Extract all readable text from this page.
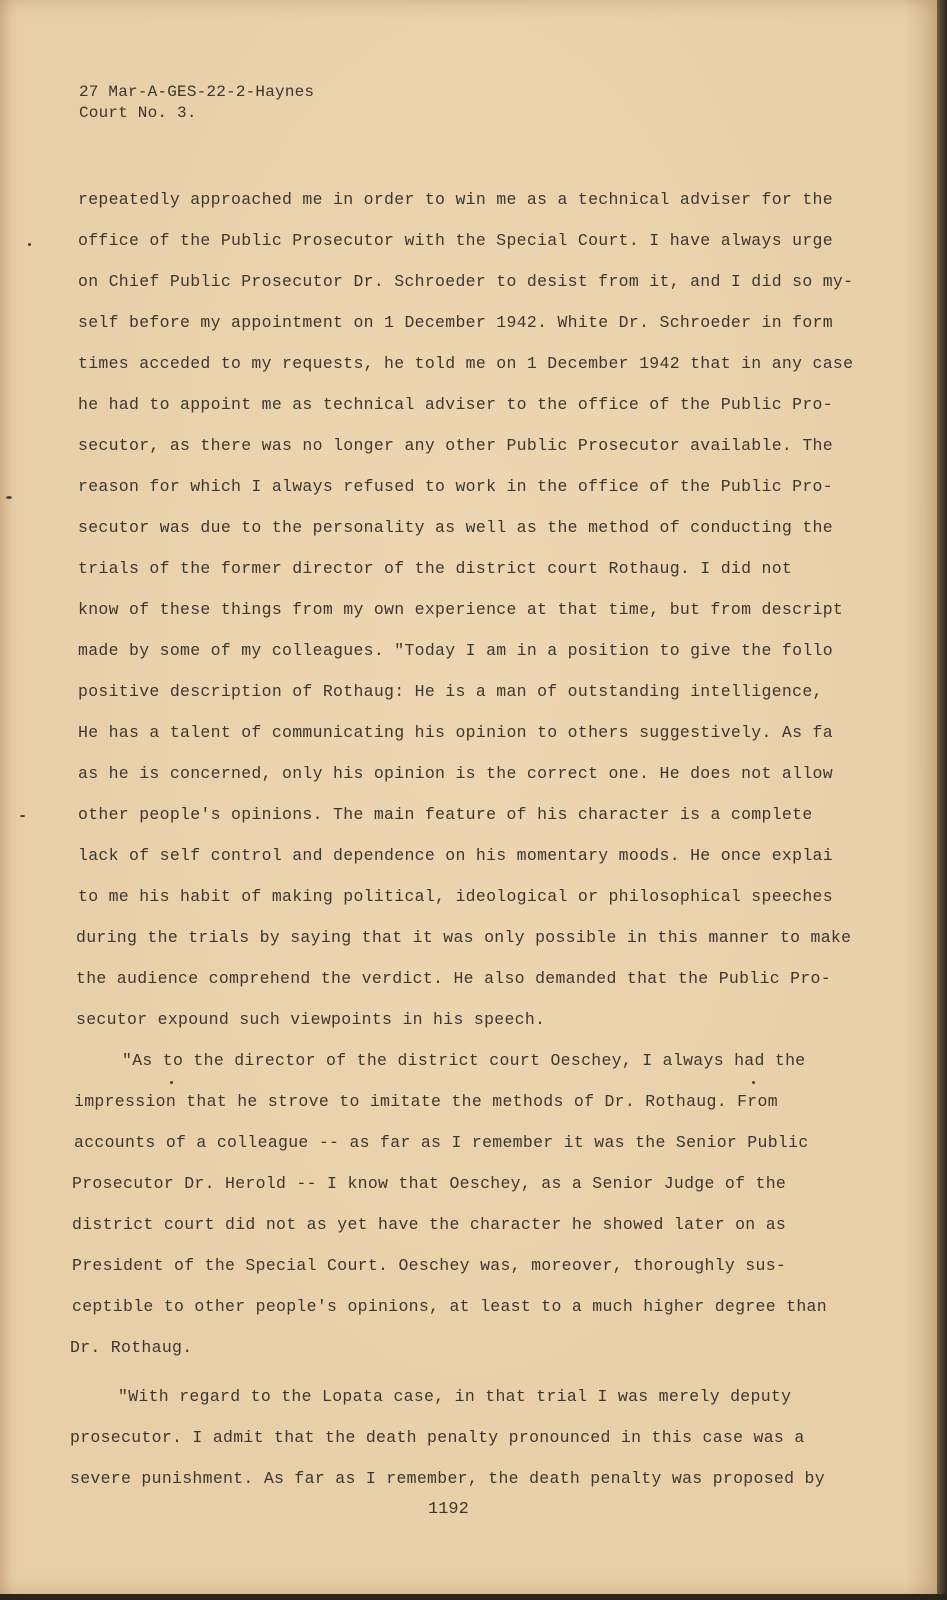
27 Mar-A-GES-22-2-Haynes
Court No. 3.
repeatedly approached me in order to win me as a technical adviser for the
office of the Public Prosecutor with the Special Court. I have always urge
on Chief Public Prosecutor Dr. Schroeder to desist from it, and I did so my-
self before my appointment on 1 December 1942. White Dr. Schroeder in form
times acceded to my requests, he told me on 1 December 1942 that in any case
he had to appoint me as technical adviser to the office of the Public Pro-
secutor, as there was no longer any other Public Prosecutor available. The
reason for which I always refused to work in the office of the Public Pro-
secutor was due to the personality as well as the method of conducting the
trials of the former director of the district court Rothaug. I did not
know of these things from my own experience at that time, but from descript
made by some of my colleagues. "Today I am in a position to give the follo
positive description of Rothaug: He is a man of outstanding intelligence,
He has a talent of communicating his opinion to others suggestively. As fa
as he is concerned, only his opinion is the correct one. He does not allow
other people's opinions. The main feature of his character is a complete
lack of self control and dependence on his momentary moods. He once explai
to me his habit of making political, ideological or philosophical speeches
during the trials by saying that it was only possible in this manner to make
the audience comprehend the verdict. He also demanded that the Public Pro-
secutor expound such viewpoints in his speech.
"As to the director of the district court Oeschey, I always had the
impression that he strove to imitate the methods of Dr. Rothaug. From
accounts of a colleague -- as far as I remember it was the Senior Public
Prosecutor Dr. Herold -- I know that Oeschey, as a Senior Judge of the
district court did not as yet have the character he showed later on as
President of the Special Court. Oeschey was, moreover, thoroughly sus-
ceptible to other people's opinions, at least to a much higher degree than
Dr. Rothaug.
"With regard to the Lopata case, in that trial I was merely deputy
prosecutor. I admit that the death penalty pronounced in this case was a
severe punishment. As far as I remember, the death penalty was proposed by
1192
